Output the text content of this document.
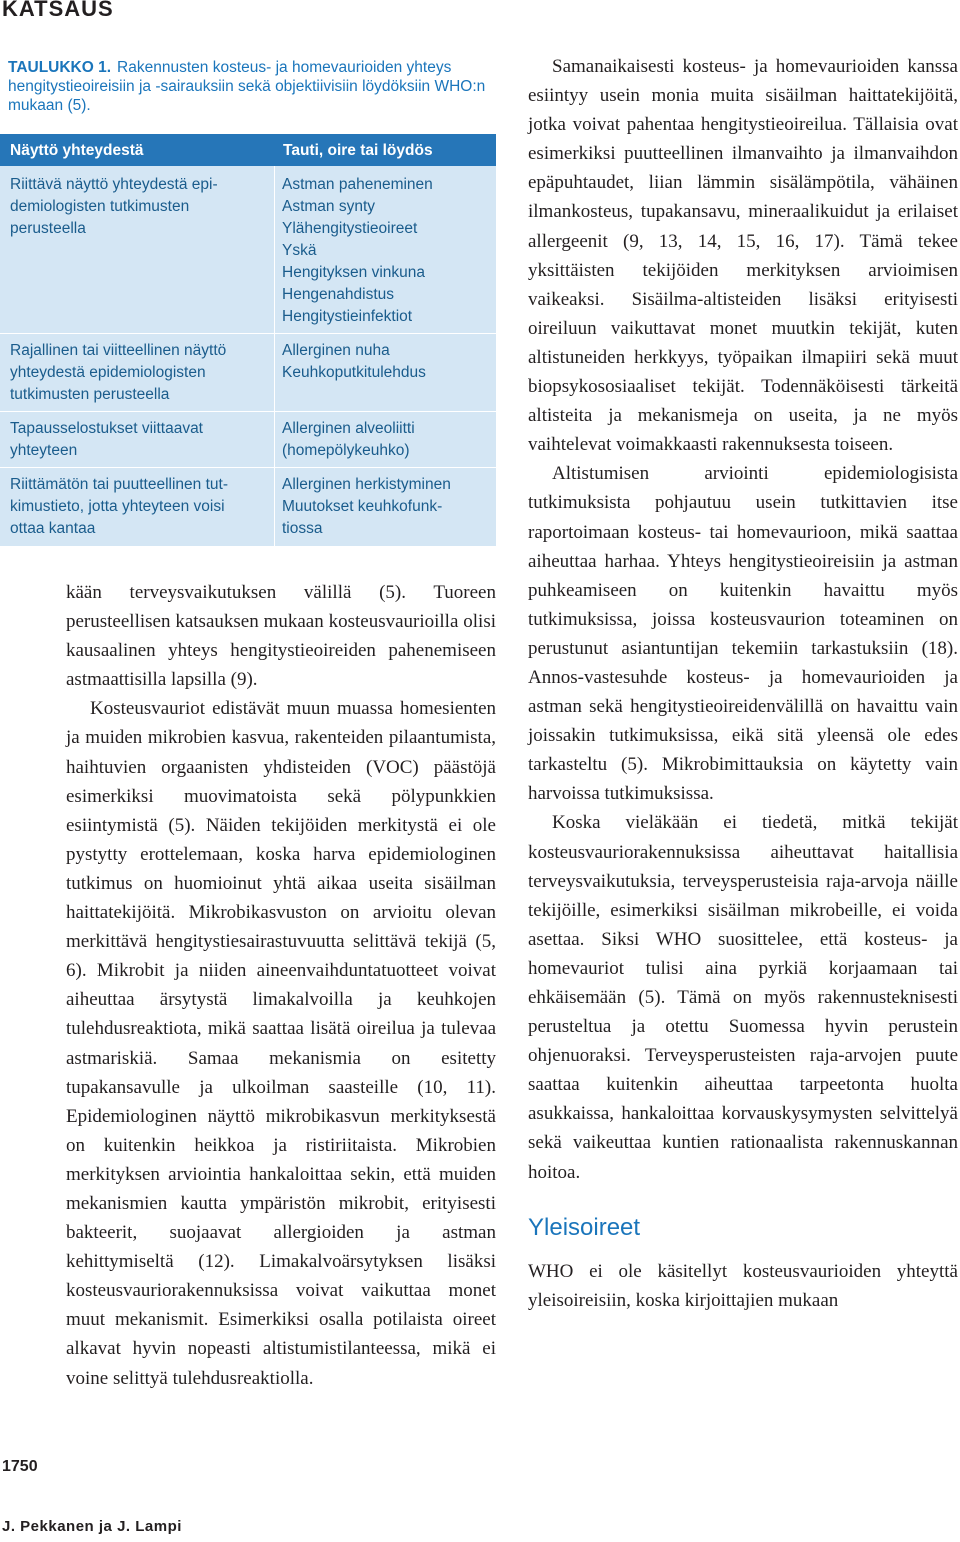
KATSAUS
TAULUKKO 1. Rakennusten kosteus- ja homevaurioiden yhteys hengitystieoireisiin ja -sairauksiin sekä objektiivisiin löydöksiin WHO:n mukaan (5).
Näyttö yhteydestä	Tauti, oire tai löydös
Riittävä näyttö yhteydestä epi-
demiologisten tutkimusten
perusteella
Astman paheneminen
Astman synty
Ylähengitystieoireet
Yskä
Hengityksen vinkuna
Hengenahdistus
Hengitystieinfektiot
Rajallinen tai viitteellinen näyttö
yhteydestä epidemiologisten
tutkimusten perusteella
Allerginen nuha
Keuhkoputkitulehdus
Tapausselostukset viittaavat
yhteyteen
Allerginen alveoliitti
(homepölykeuhko)
Riittämätön tai puutteellinen tut-
kimustieto, jotta yhteyteen voisi
ottaa kantaa
Allerginen herkistyminen
Muutokset keuhkofunk-
tiossa

kään terveysvaikutuksen välillä (5). Tuoreen perusteellisen katsauksen mukaan kosteusvaurioilla olisi kausaalinen yhteys hengitystieoireiden pahenemiseen astmaattisilla lapsilla (9).

Kosteusvauriot edistävät muun muassa homesienten ja muiden mikrobien kasvua, rakenteiden pilaantumista, haihtuvien orgaanisten yhdisteiden (VOC) päästöjä esimerkiksi muovimatoista sekä pölypunkkien esiintymistä (5). Näiden tekijöiden merkitystä ei ole pystytty erottelemaan, koska harva epidemiologinen tutkimus on huomioinut yhtä aikaa useita sisäilman haittatekijöitä. Mikrobikasvuston on arvioitu olevan merkittävä hengitystiesairastuvuutta selittävä tekijä (5, 6). Mikrobit ja niiden aineenvaihduntatuotteet voivat aiheuttaa ärsytystä limakalvoilla ja keuhkojen tulehdusreaktiota, mikä saattaa lisätä oireilua ja tulevaa astmariskiä. Samaa mekanismia on esitetty tupakansavulle ja ulkoilman saasteille (10, 11). Epidemiologinen näyttö mikrobikasvun merkityksestä on kuitenkin heikkoa ja ristiriitaista. Mikrobien merkityksen arviointia hankaloittaa sekin, että muiden mekanismien kautta ympäristön mikrobit, erityisesti bakteerit, suojaavat allergioiden ja astman kehittymiseltä (12). Limakalvoärsytyksen lisäksi kosteusvauriorakennuksissa voivat vaikuttaa monet muut mekanismit. Esimerkiksi osalla potilaista oireet alkavat hyvin nopeasti altistumistilanteessa, mikä ei voine selittyä tulehdusreaktiolla.

Samanaikaisesti kosteus- ja homevaurioiden kanssa esiintyy usein monia muita sisäilman haittatekijöitä, jotka voivat pahentaa hengitystieoireilua. Tällaisia ovat esimerkiksi puutteellinen ilmanvaihto ja ilmanvaihdon epäpuhtaudet, liian lämmin sisälämpötila, vähäinen ilmankosteus, tupakansavu, mineraalikuidut ja erilaiset allergeenit (9, 13, 14, 15, 16, 17). Tämä tekee yksittäisten tekijöiden merkityksen arvioimisen vaikeaksi. Sisäilma-altisteiden lisäksi erityisesti oireiluun vaikuttavat monet muutkin tekijät, kuten altistuneiden herkkyys, työpaikan ilmapiiri sekä muut biopsykososiaaliset tekijät. Todennäköisesti tärkeitä altisteita ja mekanismeja on useita, ja ne myös vaihtelevat voimakkaasti rakennuksesta toiseen.

Altistumisen arviointi epidemiologisista tutkimuksista pohjautuu usein tutkittavien itse raportoimaan kosteus- tai homevaurioon, mikä saattaa aiheuttaa harhaa. Yhteys hengitystieoireisiin ja astman puhkeamiseen on kuitenkin havaittu myös tutkimuksissa, joissa kosteusvaurion toteaminen on perustunut asiantuntijan tekemiin tarkastuksiin (18). Annos-vastesuhde kosteus- ja homevaurioiden ja astman sekä hengitystieoireidenvälillä on havaittu vain joissakin tutkimuksissa, eikä sitä yleensä ole edes tarkasteltu (5). Mikrobimittauksia on käytetty vain harvoissa tutkimuksissa.

Koska vieläkään ei tiedetä, mitkä tekijät kosteusvauriorakennuksissa aiheuttavat haitallisia terveysvaikutuksia, terveysperusteisia raja-arvoja näille tekijöille, esimerkiksi sisäilman mikrobeille, ei voida asettaa. Siksi WHO suosittelee, että kosteus- ja homevauriot tulisi aina pyrkiä korjaamaan tai ehkäisemään (5). Tämä on myös rakennusteknisesti perusteltua ja otettu Suomessa hyvin perustein ohjenuoraksi. Terveysperusteisten raja-arvojen puute saattaa kuitenkin aiheuttaa tarpeetonta huolta asukkaissa, hankaloittaa korvauskysymysten selvittelyä sekä vaikeuttaa kuntien rationaalista rakennuskannan hoitoa.

Yleisoireet

WHO ei ole käsitellyt kosteusvaurioiden yhteyttä yleisoireisiin, koska kirjoittajien mukaan

1750
J. Pekkanen ja J. Lampi
